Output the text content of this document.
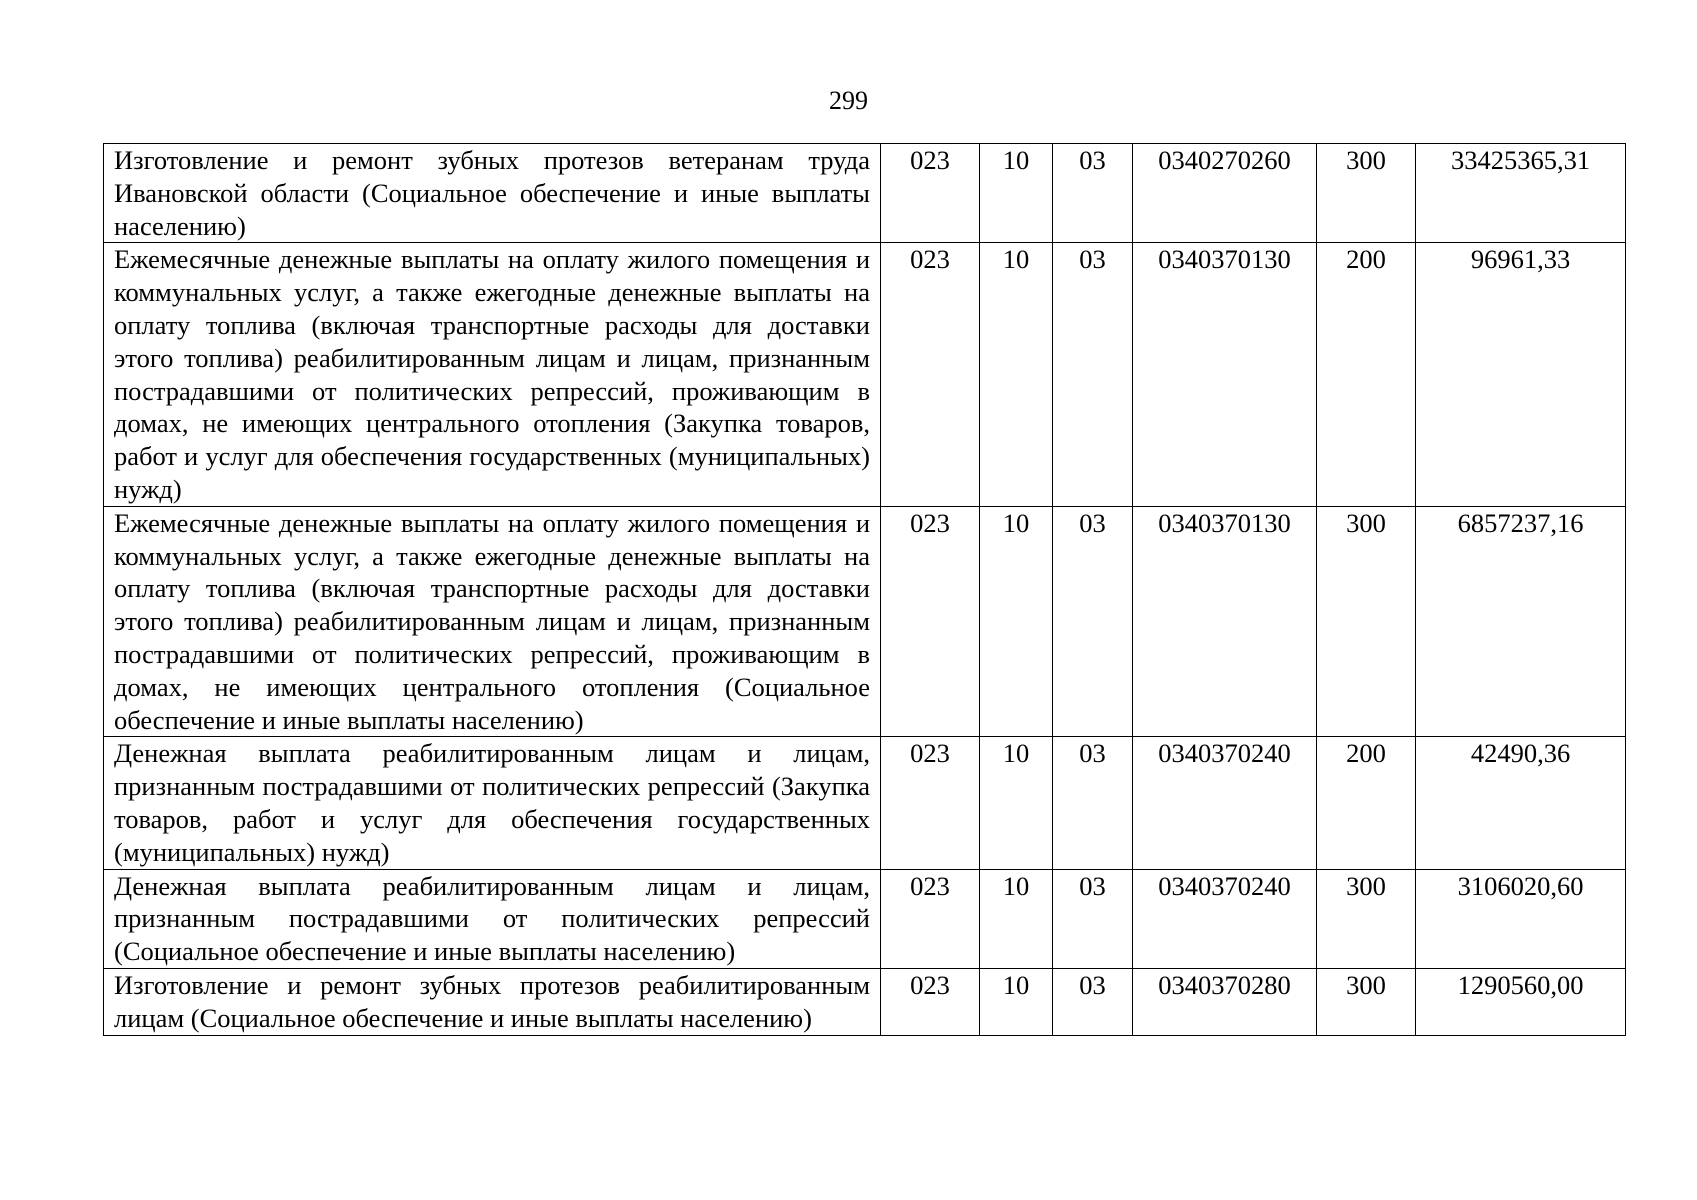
299
Изготовление и ремонт зубных протезов ветеранам труда Ивановской области (Социальное обеспечение и иные выплаты населению)	023	10	03	0340270260	300	33425365,31
Ежемесячные денежные выплаты на оплату жилого помещения и коммунальных услуг, а также ежегодные денежные выплаты на оплату топлива (включая транспортные расходы для доставки этого топлива) реабилитированным лицам и лицам, признанным пострадавшими от политических репрессий, проживающим в домах, не имеющих центрального отопления (Закупка товаров, работ и услуг для обеспечения государственных (муниципальных) нужд)	023	10	03	0340370130	200	96961,33
Ежемесячные денежные выплаты на оплату жилого помещения и коммунальных услуг, а также ежегодные денежные выплаты на оплату топлива (включая транспортные расходы для доставки этого топлива) реабилитированным лицам и лицам, признанным пострадавшими от политических репрессий, проживающим в домах, не имеющих центрального отопления (Социальное обеспечение и иные выплаты населению)	023	10	03	0340370130	300	6857237,16
Денежная выплата реабилитированным лицам и лицам, признанным пострадавшими от политических репрессий (Закупка товаров, работ и услуг для обеспечения государственных (муниципальных) нужд)	023	10	03	0340370240	200	42490,36
Денежная выплата реабилитированным лицам и лицам, признанным пострадавшими от политических репрессий (Социальное обеспечение и иные выплаты населению)	023	10	03	0340370240	300	3106020,60
Изготовление и ремонт зубных протезов реабилитированным лицам (Социальное обеспечение и иные выплаты населению)	023	10	03	0340370280	300	1290560,00
